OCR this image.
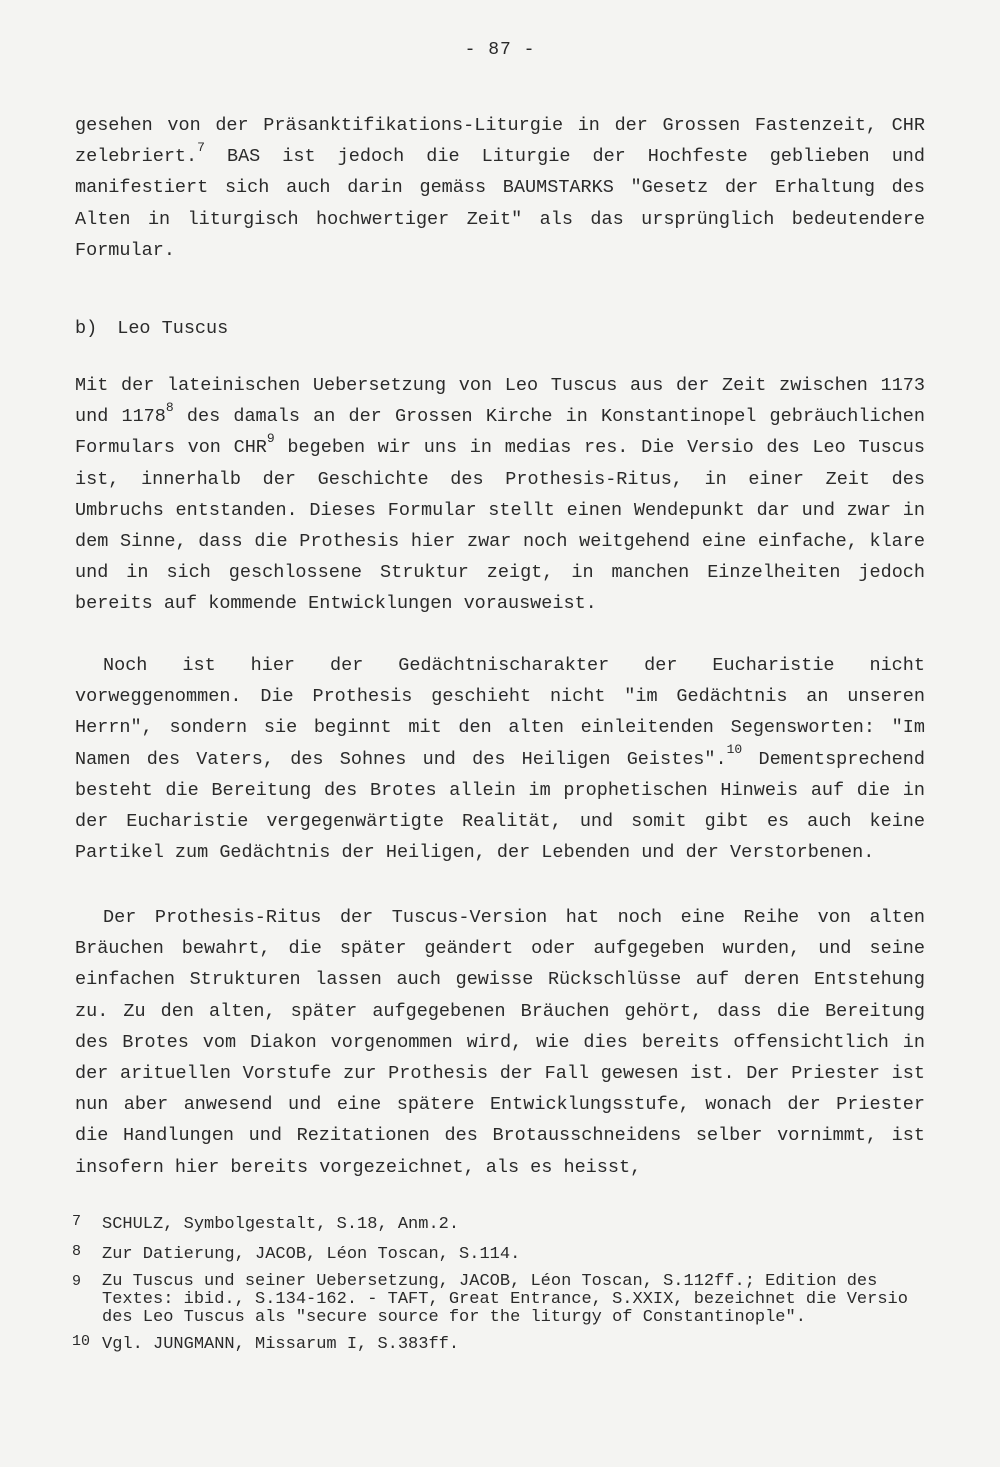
- 87 -

gesehen von der Präsanktifikations-Liturgie in der Grossen Fastenzeit, CHR zelebriert.$^7$ BAS ist jedoch die Liturgie der Hochfeste geblieben und manifestiert sich auch darin gemäss BAUMSTARKS "Gesetz der Erhaltung des Alten in liturgisch hochwertiger Zeit" als das ursprünglich bedeutendere Formular.

b) Leo Tuscus

Mit der lateinischen Uebersetzung von Leo Tuscus aus der Zeit zwischen 1173 und 1178$^8$ des damals an der Grossen Kirche in Konstantinopel gebräuchlichen Formulars von CHR$^9$ begeben wir uns in medias res. Die Versio des Leo Tuscus ist, innerhalb der Geschichte des Prothesis-Ritus, in einer Zeit des Umbruchs entstanden. Dieses Formular stellt einen Wendepunkt dar und zwar in dem Sinne, dass die Prothesis hier zwar noch weitgehend eine einfache, klare und in sich geschlossene Struktur zeigt, in manchen Einzelheiten jedoch bereits auf kommende Entwicklungen vorausweist.

Noch ist hier der Gedächtnischarakter der Eucharistie nicht vorweggenommen. Die Prothesis geschieht nicht "im Gedächtnis an unseren Herrn", sondern sie beginnt mit den alten einleitenden Segensworten: "Im Namen des Vaters, des Sohnes und des Heiligen Geistes".$^{10}$ Dementsprechend besteht die Bereitung des Brotes allein im prophetischen Hinweis auf die in der Eucharistie vergegenwärtigte Realität, und somit gibt es auch keine Partikel zum Gedächtnis der Heiligen, der Lebenden und der Verstorbenen.

Der Prothesis-Ritus der Tuscus-Version hat noch eine Reihe von alten Bräuchen bewahrt, die später geändert oder aufgegeben wurden, und seine einfachen Strukturen lassen auch gewisse Rückschlüsse auf deren Entstehung zu. Zu den alten, später aufgegebenen Bräuchen gehört, dass die Bereitung des Brotes vom Diakon vorgenommen wird, wie dies bereits offensichtlich in der arituellen Vorstufe zur Prothesis der Fall gewesen ist. Der Priester ist nun aber anwesend und eine spätere Entwicklungsstufe, wonach der Priester die Handlungen und Rezitationen des Brotausschneidens selber vornimmt, ist insofern hier bereits vorgezeichnet, als es heisst,

7	SCHULZ, Symbolgestalt, S.18, Anm.2.
8	Zur Datierung, JACOB, Léon Toscan, S.114.
9	Zu Tuscus und seiner Uebersetzung, JACOB, Léon Toscan, S.112ff.; Edition des Textes: ibid., S.134-162. - TAFT, Great Entrance, S.XXIX, bezeichnet die Versio des Leo Tuscus als "secure source for the liturgy of Constantinople".
10 Vgl. JUNGMANN, Missarum I, S.383ff.
